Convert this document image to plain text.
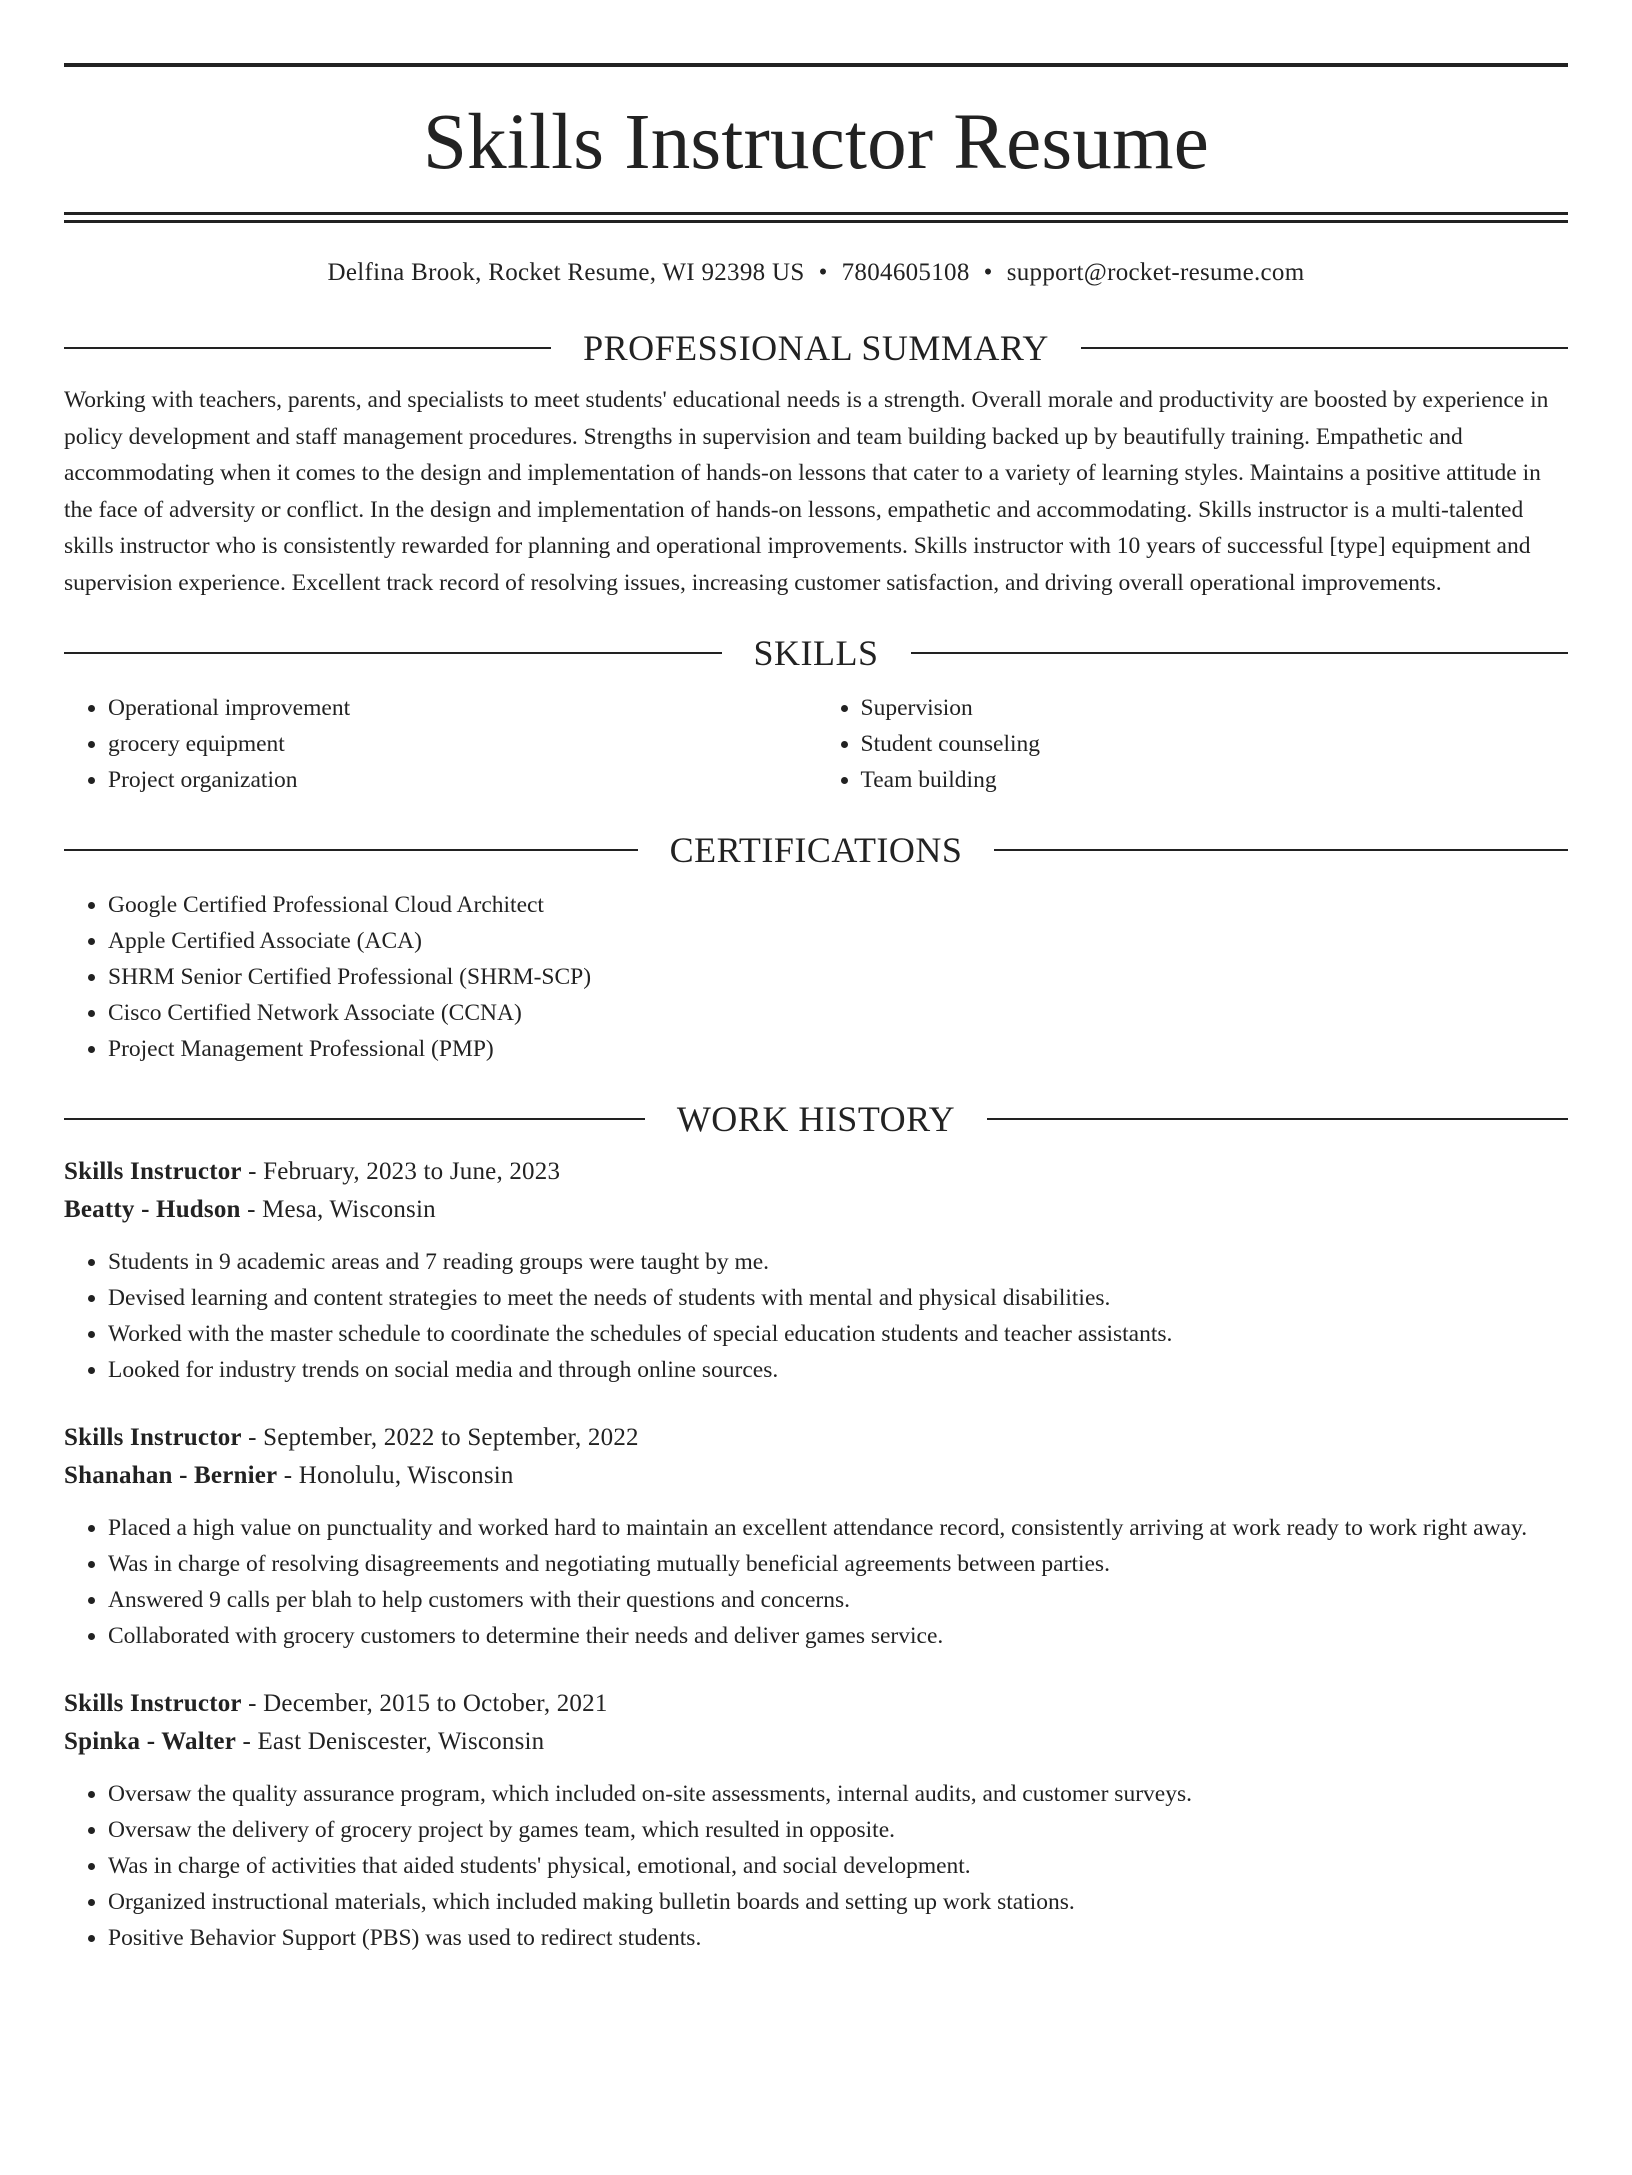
Skills Instructor Resume
Delfina Brook, Rocket Resume, WI 92398 US • 7804605108 • support@rocket-resume.com
PROFESSIONAL SUMMARY

Working with teachers, parents, and specialists to meet students' educational needs is a strength. Overall morale and productivity are boosted by experience in policy development and staff management procedures. Strengths in supervision and team building backed up by beautifully training. Empathetic and accommodating when it comes to the design and implementation of hands-on lessons that cater to a variety of learning styles. Maintains a positive attitude in the face of adversity or conflict. In the design and implementation of hands-on lessons, empathetic and accommodating. Skills instructor is a multi-talented skills instructor who is consistently rewarded for planning and operational improvements. Skills instructor with 10 years of successful [type] equipment and supervision experience. Excellent track record of resolving issues, increasing customer satisfaction, and driving overall operational improvements.

SKILLS
• Operational improvement
• grocery equipment
• Project organization
• Supervision
• Student counseling
• Team building
CERTIFICATIONS
• Google Certified Professional Cloud Architect
• Apple Certified Associate (ACA)
• SHRM Senior Certified Professional (SHRM-SCP)
• Cisco Certified Network Associate (CCNA)
• Project Management Professional (PMP)
WORK HISTORY
Skills Instructor - February, 2023 to June, 2023
Beatty - Hudson - Mesa, Wisconsin
• Students in 9 academic areas and 7 reading groups were taught by me.
• Devised learning and content strategies to meet the needs of students with mental and physical disabilities.
• Worked with the master schedule to coordinate the schedules of special education students and teacher assistants.
• Looked for industry trends on social media and through online sources.
Skills Instructor - September, 2022 to September, 2022
Shanahan - Bernier - Honolulu, Wisconsin
• Placed a high value on punctuality and worked hard to maintain an excellent attendance record, consistently arriving at work ready to work right away.
• Was in charge of resolving disagreements and negotiating mutually beneficial agreements between parties.
• Answered 9 calls per blah to help customers with their questions and concerns.
• Collaborated with grocery customers to determine their needs and deliver games service.
Skills Instructor - December, 2015 to October, 2021
Spinka - Walter - East Deniscester, Wisconsin
• Oversaw the quality assurance program, which included on-site assessments, internal audits, and customer surveys.
• Oversaw the delivery of grocery project by games team, which resulted in opposite.
• Was in charge of activities that aided students' physical, emotional, and social development.
• Organized instructional materials, which included making bulletin boards and setting up work stations.
• Positive Behavior Support (PBS) was used to redirect students.
